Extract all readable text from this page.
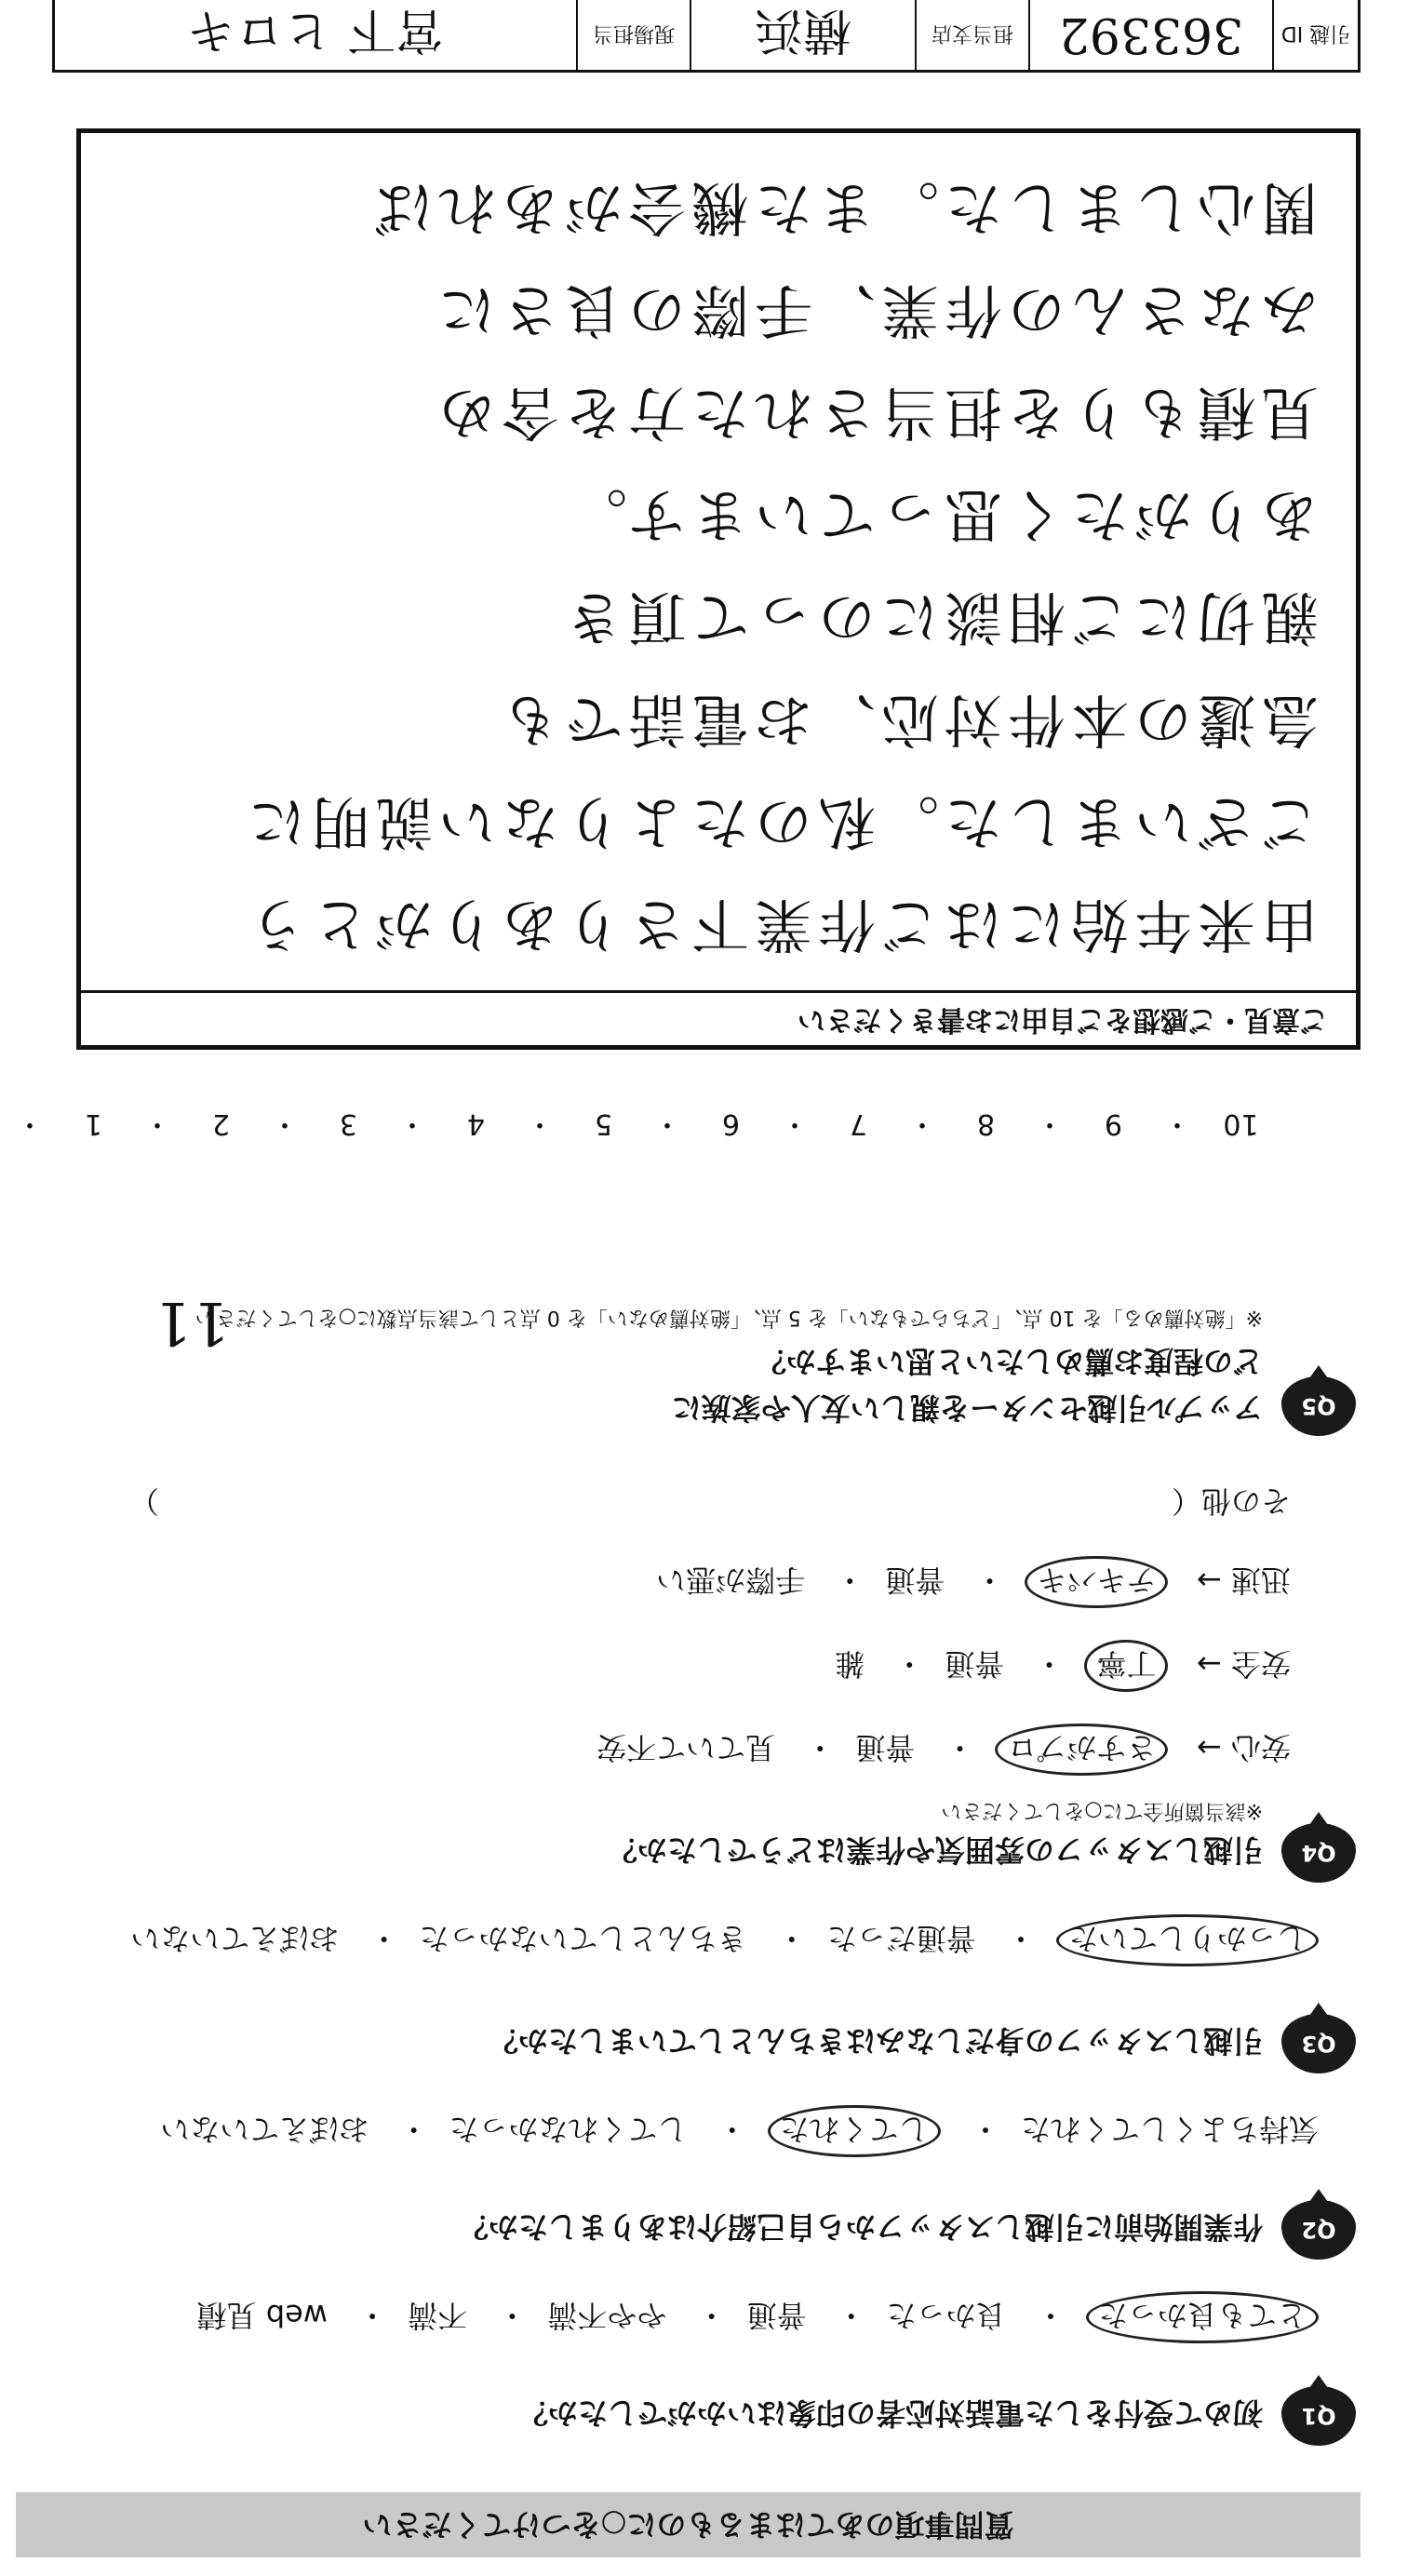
質問事項のあてはまるものに○をつけてください
Q1
初めて受付をした電話対応者の印象はいかがでしたか？
とても良かった・ 良かった・ 普通・ やや不満・ 不満・ web 見積
Q2
作業開始前に引越しスタッフから自己紹介はありましたか？
気持ちよくしてくれた・ してくれた・ してくれなかった・ おぼえていない
Q3
引越しスタッフの身だしなみはきちんとしていましたか？
しっかりしていた・ 普通だった・ きちんとしていなかった・ おぼえていない
Q4
引越しスタッフの雰囲気や作業はどうでしたか？
※該当箇所全てに○をしてください
安心 →   さすがプロ・ 普通・ 見ていて不安
安全 →   丁寧・ 普通・ 雑
迅速 →   テキパキ・ 普通・ 手際が悪い
その他（　　　　　　　　　　　　　　　　　　　　　　　　　　　　　　　　　　）
Q5
アップル引越センターを親しい友人や家族に
どの程度お薦めしたいと思いますか？
※「絶対薦める」を 10 点、「どちらでもない」を 5 点、「絶対薦めない」を 0 点として該当点数に○をしてください
11
10・9・8・7・6・5・4・3・2・1・
ご意見・ご感想をご自由にお書きください
由来年始にはご作業下さりありがとう
ございました。私のたよりない説明に
急遽の本件対応、お電話でも
親切にご相談にのって頂き
ありがたく思っています。
見積もりを担当された方を含め
みなさんの作業、手際の良さに
関心しました。また機会があれば
引越 ID
363392
担当支店
横浜
現場担当
宮下 ヒロキ
